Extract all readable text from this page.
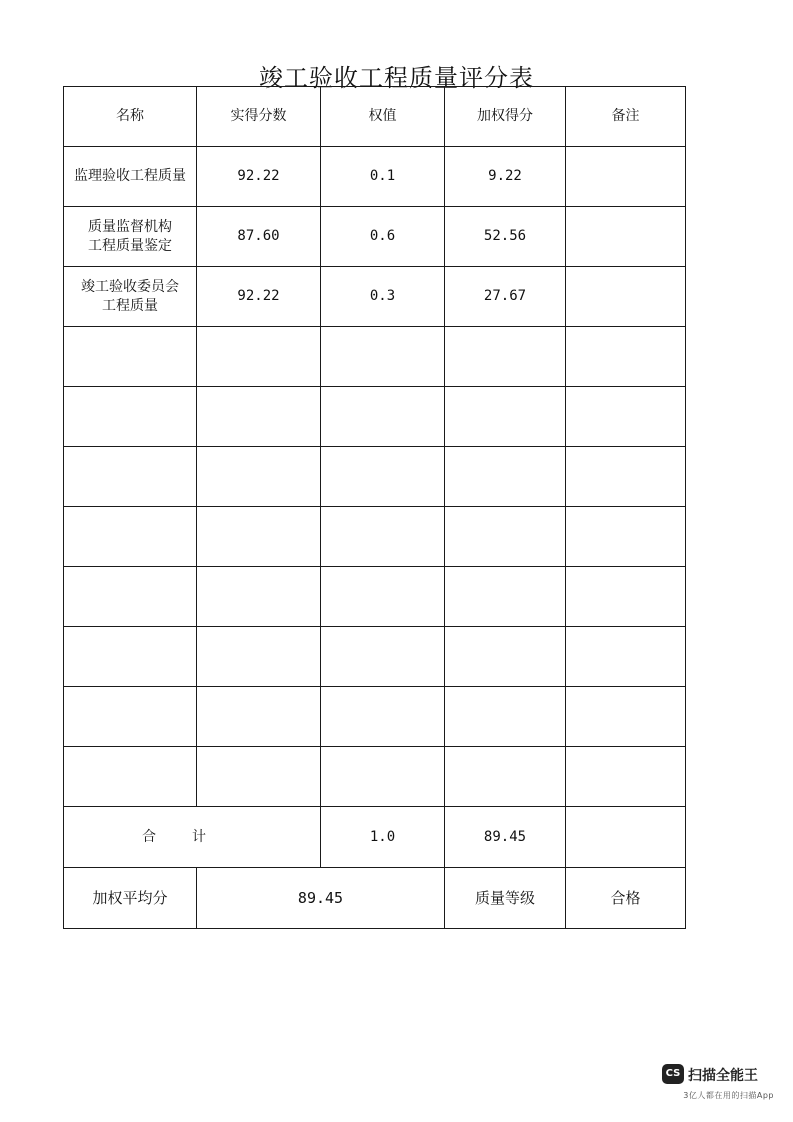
竣工验收工程质量评分表
名称	实得分数	权值	加权得分	备注

监理验收工程质量	92.22	0.1	9.22	

质量监督机构
工程质量鉴定	87.60	0.6	52.56	

竣工验收委员会
工程质量	92.22	0.3	27.67	

合计		1.0	89.45	
加权平均分	89.45		质量等级	合格
CS 扫描全能王
3亿人都在用的扫描App
